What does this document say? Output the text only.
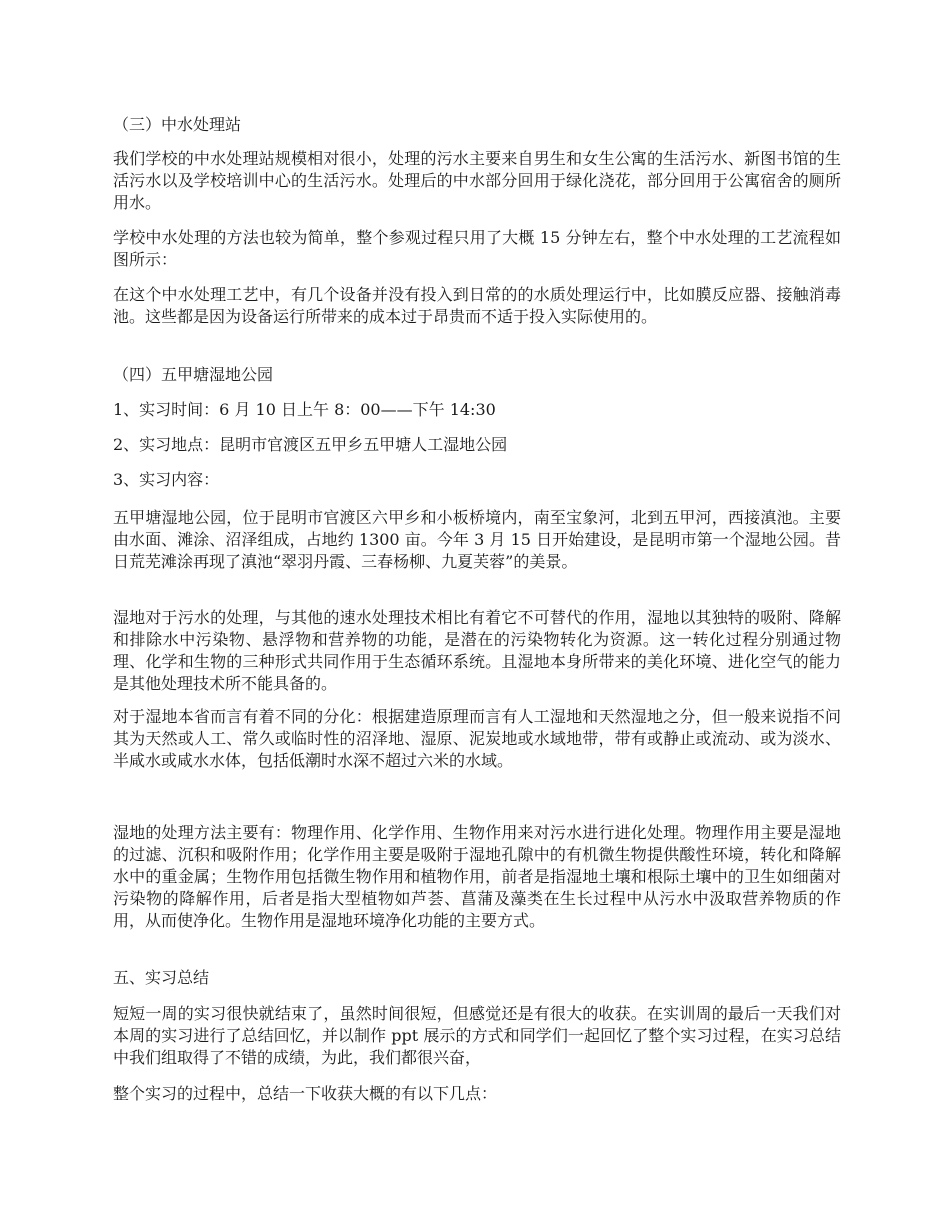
（三）中水处理站

我们学校的中水处理站规模相对很小，处理的污水主要来自男生和女生公寓的生活污水、新图书馆的生活污水以及学校培训中心的生活污水。处理后的中水部分回用于绿化浇花，部分回用于公寓宿舍的厕所用水。

学校中水处理的方法也较为简单，整个参观过程只用了大概 15 分钟左右，整个中水处理的工艺流程如图所示：

在这个中水处理工艺中，有几个设备并没有投入到日常的的水质处理运行中，比如膜反应器、接触消毒池。这些都是因为设备运行所带来的成本过于昂贵而不适于投入实际使用的。

（四）五甲塘湿地公园

1、实习时间：6 月 10 日上午 8：00——下午 14:30

2、实习地点：昆明市官渡区五甲乡五甲塘人工湿地公园

3、实习内容：

五甲塘湿地公园，位于昆明市官渡区六甲乡和小板桥境内，南至宝象河，北到五甲河，西接滇池。主要由水面、滩涂、沼泽组成，占地约 1300 亩。今年 3 月 15 日开始建设，是昆明市第一个湿地公园。昔日荒芜滩涂再现了滇池“翠羽丹霞、三春杨柳、九夏芙蓉”的美景。

湿地对于污水的处理，与其他的速水处理技术相比有着它不可替代的作用，湿地以其独特的吸附、降解和排除水中污染物、悬浮物和营养物的功能，是潜在的污染物转化为资源。这一转化过程分别通过物理、化学和生物的三种形式共同作用于生态循环系统。且湿地本身所带来的美化环境、进化空气的能力是其他处理技术所不能具备的。

对于湿地本省而言有着不同的分化：根据建造原理而言有人工湿地和天然湿地之分，但一般来说指不问其为天然或人工、常久或临时性的沼泽地、湿原、泥炭地或水域地带，带有或静止或流动、或为淡水、半咸水或咸水水体，包括低潮时水深不超过六米的水域。

湿地的处理方法主要有：物理作用、化学作用、生物作用来对污水进行进化处理。物理作用主要是湿地的过滤、沉积和吸附作用；化学作用主要是吸附于湿地孔隙中的有机微生物提供酸性环境，转化和降解水中的重金属；生物作用包括微生物作用和植物作用，前者是指湿地土壤和根际土壤中的卫生如细菌对污染物的降解作用，后者是指大型植物如芦荟、菖蒲及藻类在生长过程中从污水中汲取营养物质的作用，从而使净化。生物作用是湿地环境净化功能的主要方式。

五、实习总结

短短一周的实习很快就结束了，虽然时间很短，但感觉还是有很大的收获。在实训周的最后一天我们对本周的实习进行了总结回忆，并以制作 ppt 展示的方式和同学们一起回忆了整个实习过程，在实习总结中我们组取得了不错的成绩，为此，我们都很兴奋，

整个实习的过程中，总结一下收获大概的有以下几点：
